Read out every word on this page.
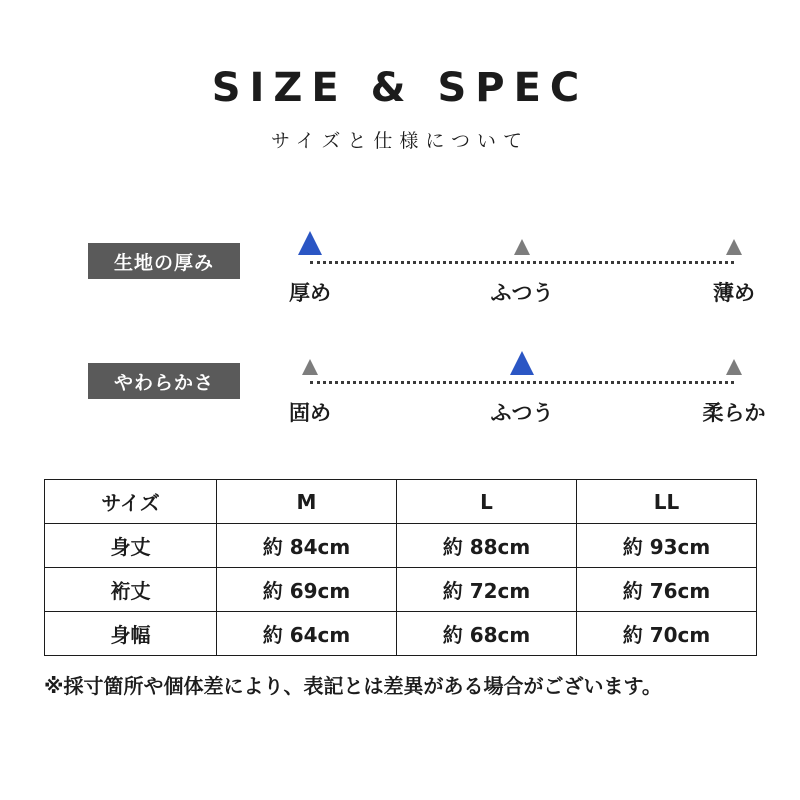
SIZE & SPEC
サイズと仕様について
生地の厚み
厚め	ふつう	薄め
やわらかさ
固め	ふつう	柔らか
サイズ	M	L	LL
身丈	約 84cm	約 88cm	約 93cm
裄丈	約 69cm	約 72cm	約 76cm
身幅	約 64cm	約 68cm	約 70cm
※採寸箇所や個体差により、表記とは差異がある場合がございます。
